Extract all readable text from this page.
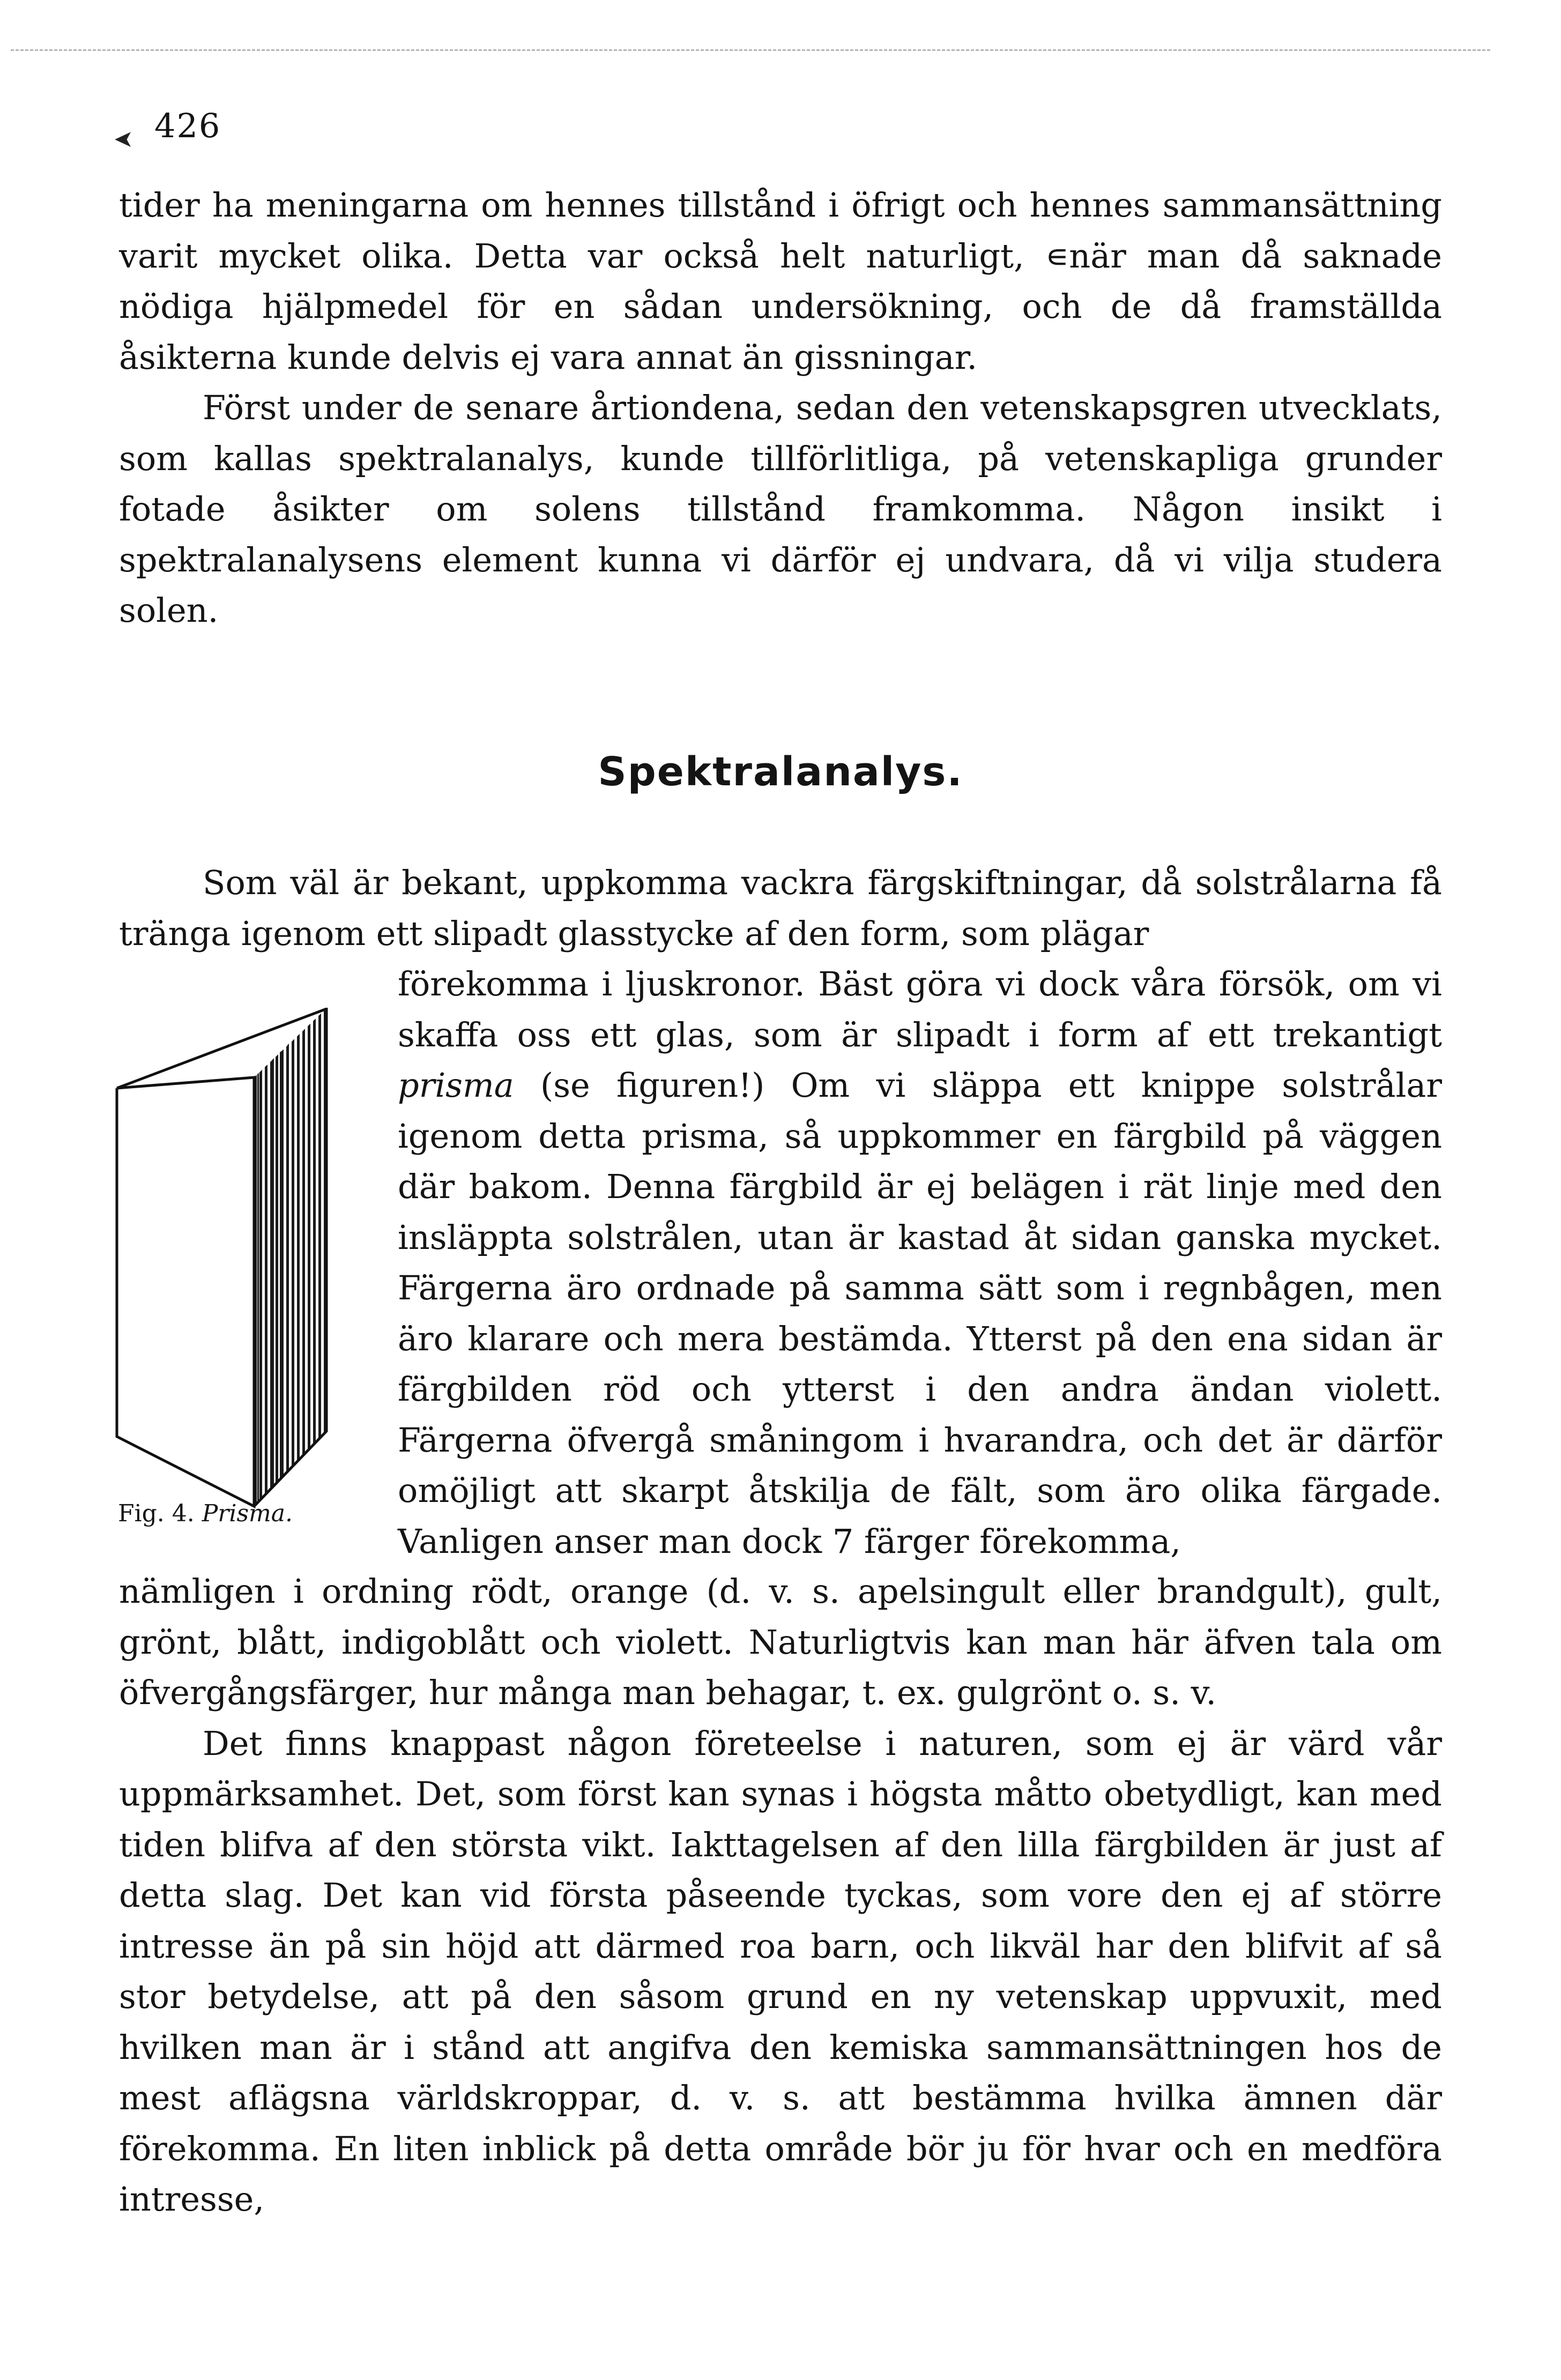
➤ 426

tider ha meningarna om hennes tillstånd i öfrigt och hennes sammansättning varit mycket olika. Detta var också helt naturligt, ∊när man då saknade nödiga hjälpmedel för en sådan undersökning, och de då framställda åsikterna kunde delvis ej vara annat än gissningar.

Först under de senare årtiondena, sedan den vetenskapsgren utvecklats, som kallas spektralanalys, kunde tillförlitliga, på vetenskapliga grunder fotade åsikter om solens tillstånd framkomma. Någon insikt i spektralanalysens element kunna vi därför ej undvara, då vi vilja studera solen.

Spektralanalys.

Som väl är bekant, uppkomma vackra färgskiftningar, då solstrålarna få tränga igenom ett slipadt glasstycke af den form, som plägar

förekomma i ljuskronor. Bäst göra vi dock våra försök, om vi skaffa oss ett glas, som är slipadt i form af ett trekantigt prisma (se figuren!) Om vi släppa ett knippe solstrålar igenom detta prisma, så uppkommer en färgbild på väggen där bakom. Denna färgbild är ej belägen i rät linje med den insläppta solstrålen, utan är kastad åt sidan ganska mycket. Färgerna äro ordnade på samma sätt som i regnbågen, men äro klarare och mera bestämda. Ytterst på den ena sidan är färgbilden röd och ytterst i den andra ändan violett. Färgerna öfvergå småningom i hvarandra, och det är därför omöjligt att skarpt åtskilja de fält, som äro olika färgade. Vanligen anser man dock 7 färger förekomma,

Fig. 4. Prisma.

nämligen i ordning rödt, orange (d. v. s. apelsingult eller brandgult), gult, grönt, blått, indigoblått och violett. Naturligtvis kan man här äfven tala om öfvergångsfärger, hur många man behagar, t. ex. gulgrönt o. s. v.

Det finns knappast någon företeelse i naturen, som ej är värd vår uppmärksamhet. Det, som först kan synas i högsta måtto obetydligt, kan med tiden blifva af den största vikt. Iakttagelsen af den lilla färgbilden är just af detta slag. Det kan vid första påseende tyckas, som vore den ej af större intresse än på sin höjd att därmed roa barn, och likväl har den blifvit af så stor betydelse, att på den såsom grund en ny vetenskap uppvuxit, med hvilken man är i stånd att angifva den kemiska sammansättningen hos de mest aflägsna världskroppar, d. v. s. att bestämma hvilka ämnen där förekomma. En liten inblick på detta område bör ju för hvar och en medföra intresse,
